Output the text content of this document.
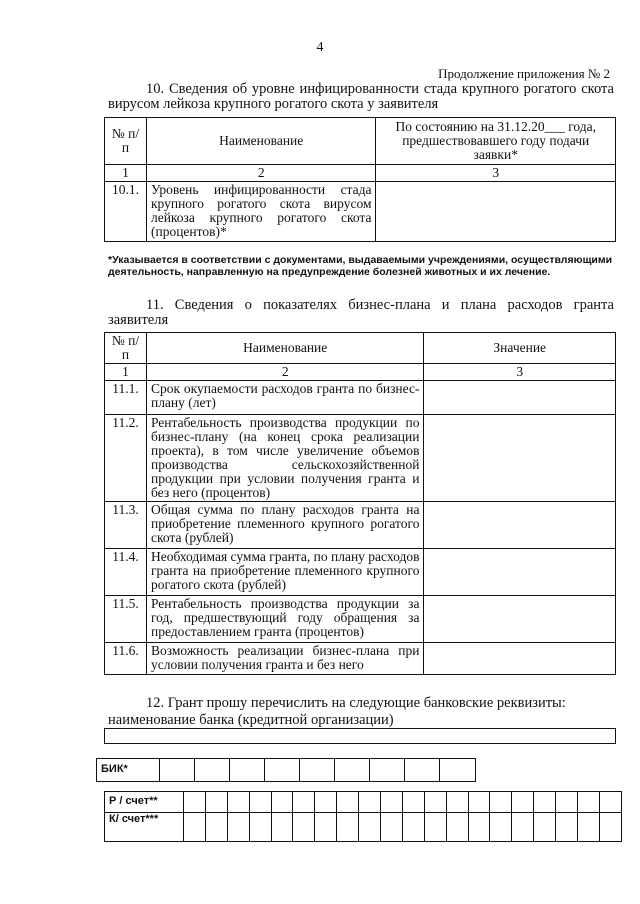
4
Продолжение приложения № 2
10. Сведения об уровне инфицированности стада крупного рогатого скота вирусом лейкоза крупного рогатого скота у заявителя
№ п/п	Наименование	По состоянию на 31.12.20___ года, предшествовавшего году подачи заявки*
1	2	3
10.1.	Уровень инфицированности стада крупного рогатого скота вирусом лейкоза крупного рогатого скота (процентов)*	
*Указывается в соответствии с документами, выдаваемыми учреждениями, осуществляющими деятельность, направленную на предупреждение болезней животных и их лечение.
11. Сведения о показателях бизнес-плана и плана расходов гранта заявителя
№ п/п	Наименование	Значение
1	2	3
11.1.	Срок окупаемости расходов гранта по бизнес-плану (лет)	
11.2.	Рентабельность производства продукции по бизнес-плану (на конец срока реализации проекта), в том числе увеличение объемов производства сельскохозяйственной продукции при условии получения гранта и без него (процентов)	
11.3.	Общая сумма по плану расходов гранта на приобретение племенного крупного рогатого скота (рублей)	
11.4.	Необходимая сумма гранта, по плану расходов гранта на приобретение племенного крупного рогатого скота (рублей)	
11.5.	Рентабельность производства продукции за год, предшествующий году обращения за предоставлением гранта (процентов)	
11.6.	Возможность реализации бизнес-плана при условии получения гранта и без него	
12. Грант прошу перечислить на следующие банковские реквизиты:
наименование банка (кредитной организации)
БИК*
Р / счет**
К/ счет***
